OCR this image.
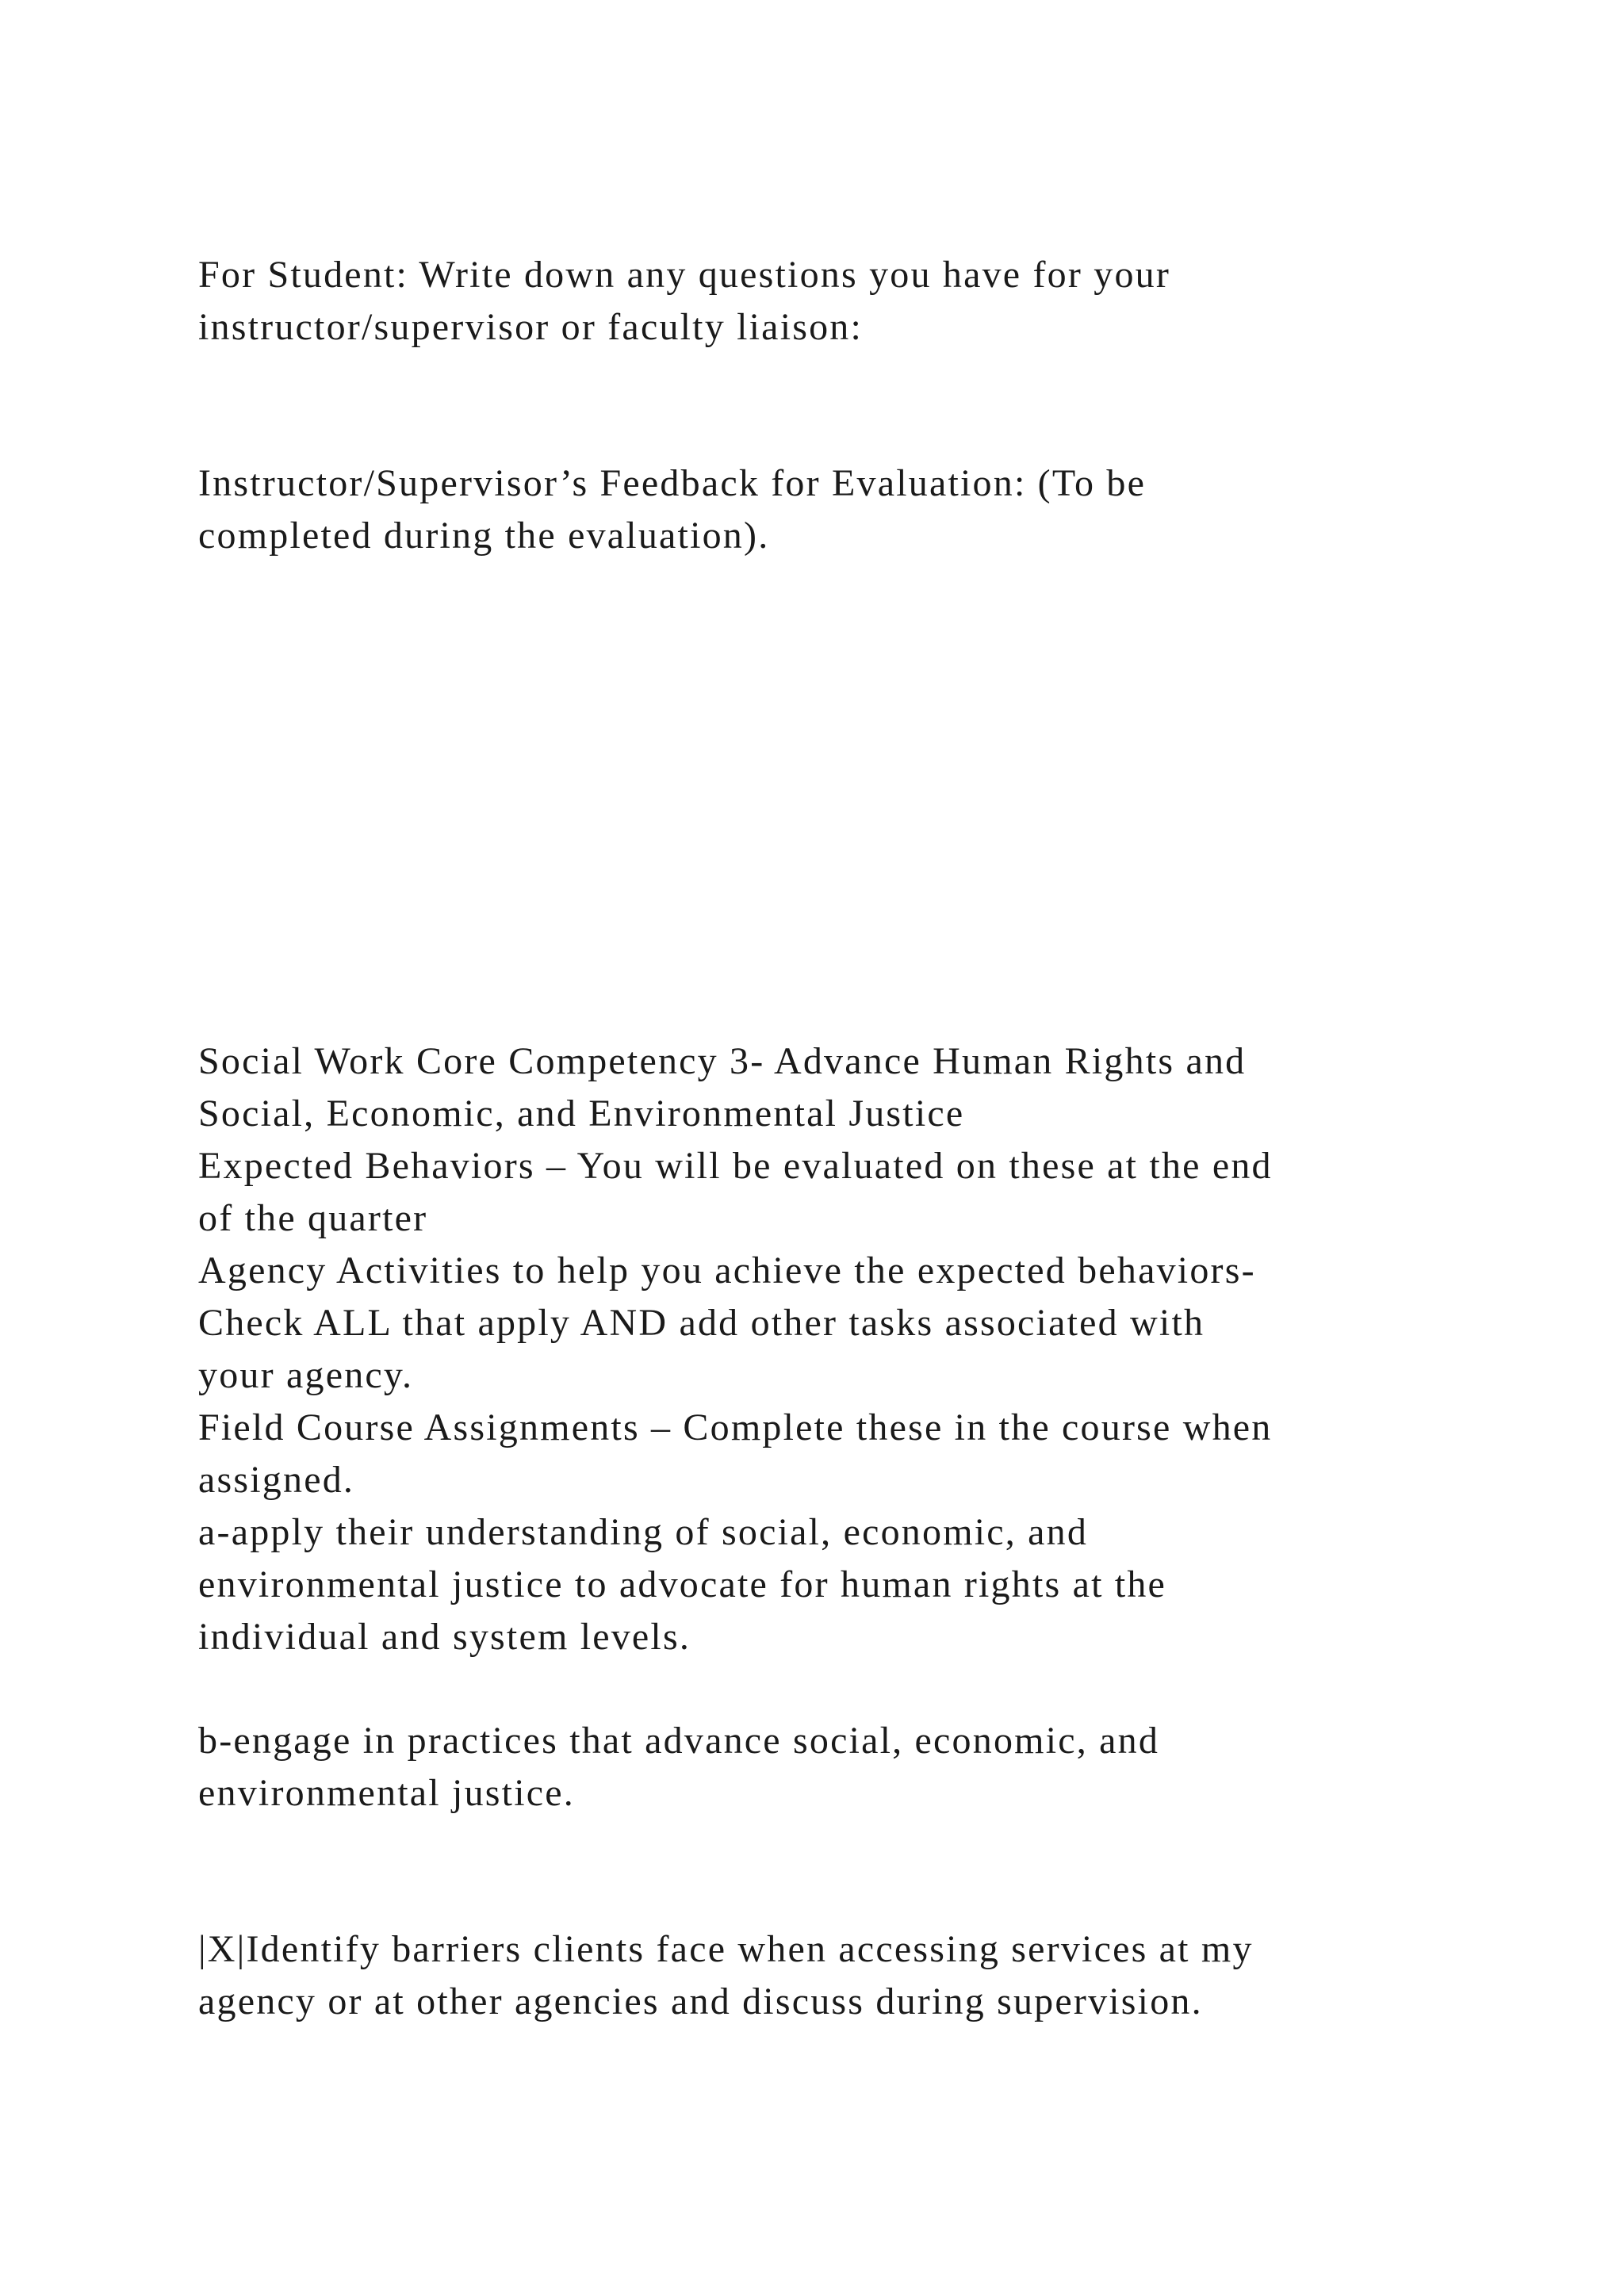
For Student: Write down any questions you have for your

instructor/supervisor or faculty liaison:

Instructor/Supervisor’s Feedback for Evaluation: (To be

completed during the evaluation).

Social Work Core Competency 3- Advance Human Rights and

Social, Economic, and Environmental Justice

Expected Behaviors – You will be evaluated on these at the end

of the quarter

Agency Activities to help you achieve the expected behaviors-

Check ALL that apply AND add other tasks associated with

your agency.

Field Course Assignments – Complete these in the course when

assigned.

a-apply their understanding of social, economic, and

environmental justice to advocate for human rights at the

individual and system levels.

b-engage in practices that advance social, economic, and

environmental justice.

|X|Identify barriers clients face when accessing services at my

agency or at other agencies and discuss during supervision.
